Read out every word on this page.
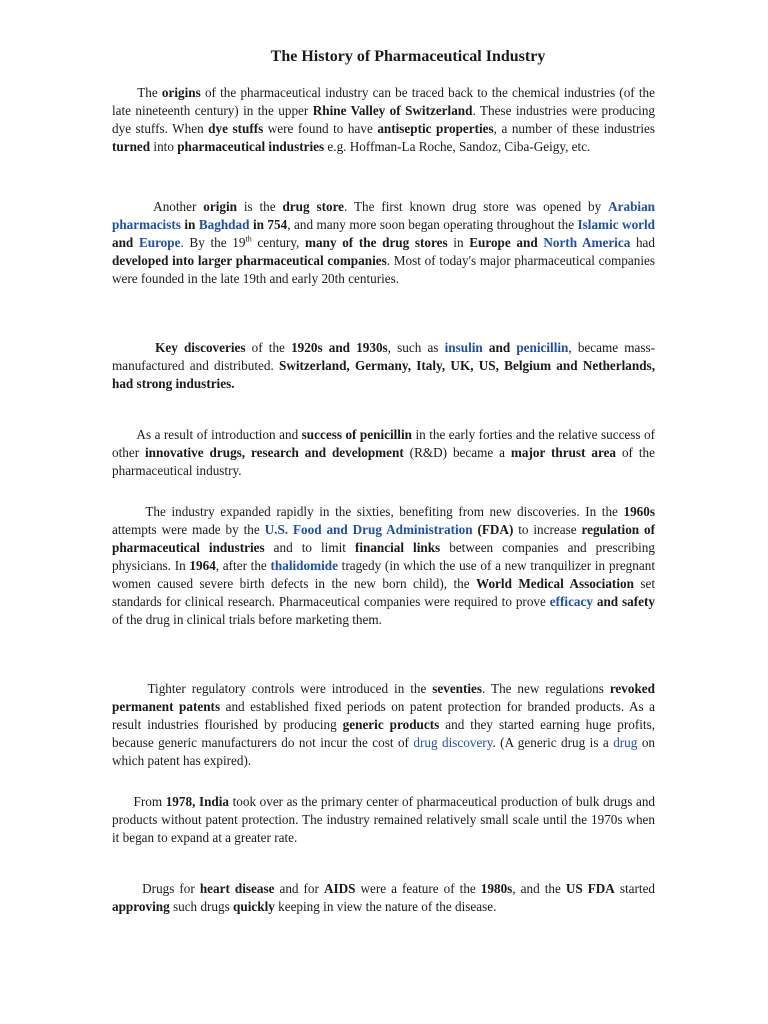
The History of Pharmaceutical Industry

The origins of the pharmaceutical industry can be traced back to the chemical industries (of the late nineteenth century) in the upper Rhine Valley of Switzerland. These industries were producing dye stuffs. When dye stuffs were found to have antiseptic properties, a number of these industries turned into pharmaceutical industries e.g. Hoffman-La Roche, Sandoz, Ciba-Geigy, etc.

Another origin is the drug store. The first known drug store was opened by Arabian pharmacists in Baghdad in 754, and many more soon began operating throughout the Islamic world and Europe. By the 19th century, many of the drug stores in Europe and North America had developed into larger pharmaceutical companies. Most of today's major pharmaceutical companies were founded in the late 19th and early 20th centuries.

Key discoveries of the 1920s and 1930s, such as insulin and penicillin, became mass-manufactured and distributed. Switzerland, Germany, Italy, UK, US, Belgium and Netherlands, had strong industries.

As a result of introduction and success of penicillin in the early forties and the relative success of other innovative drugs, research and development (R&D) became a major thrust area of the pharmaceutical industry.

The industry expanded rapidly in the sixties, benefiting from new discoveries. In the 1960s attempts were made by the U.S. Food and Drug Administration (FDA) to increase regulation of pharmaceutical industries and to limit financial links between companies and prescribing physicians. In 1964, after the thalidomide tragedy (in which the use of a new tranquilizer in pregnant women caused severe birth defects in the new born child), the World Medical Association set standards for clinical research. Pharmaceutical companies were required to prove efficacy and safety of the drug in clinical trials before marketing them.

Tighter regulatory controls were introduced in the seventies. The new regulations revoked permanent patents and established fixed periods on patent protection for branded products. As a result industries flourished by producing generic products and they started earning huge profits, because generic manufacturers do not incur the cost of drug discovery. (A generic drug is a drug on which patent has expired).

From 1978, India took over as the primary center of pharmaceutical production of bulk drugs and products without patent protection. The industry remained relatively small scale until the 1970s when it began to expand at a greater rate.

Drugs for heart disease and for AIDS were a feature of the 1980s, and the US FDA started approving such drugs quickly keeping in view the nature of the disease.
